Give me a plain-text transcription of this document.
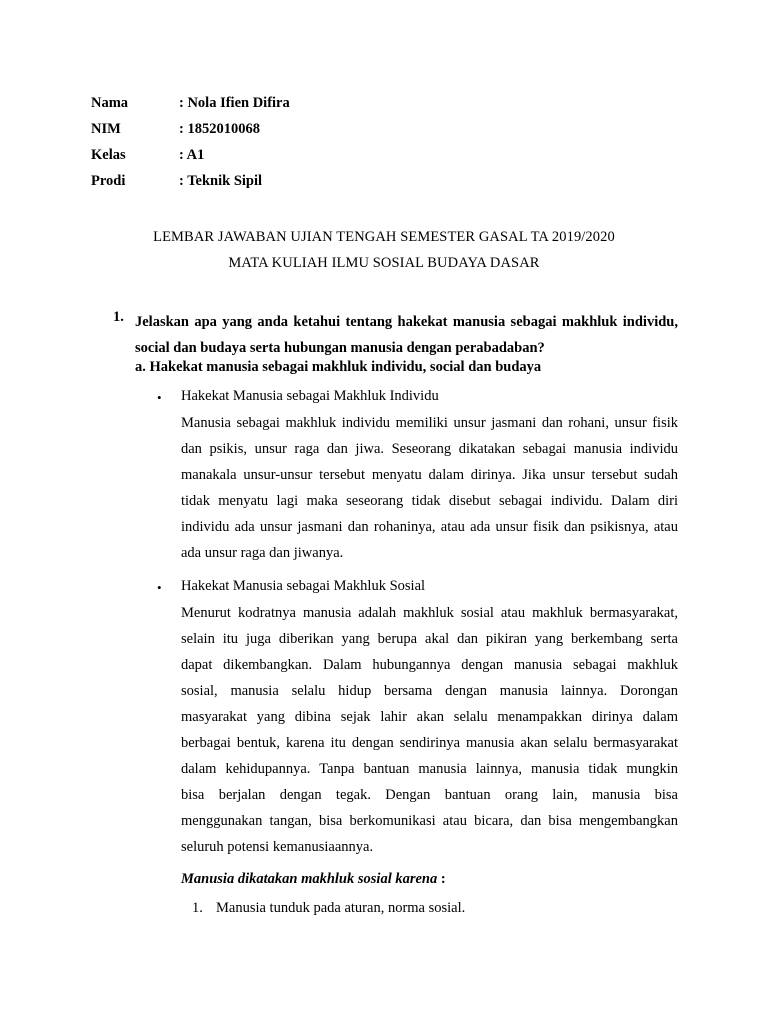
Nama	: Nola Ifien Difira
NIM	: 1852010068
Kelas	: A1
Prodi	: Teknik Sipil
LEMBAR JAWABAN UJIAN TENGAH SEMESTER GASAL TA 2019/2020
MATA KULIAH ILMU SOSIAL BUDAYA DASAR
1. Jelaskan apa yang anda ketahui tentang hakekat manusia sebagai makhluk individu, social dan budaya serta hubungan manusia dengan perabadaban?
a. Hakekat manusia sebagai makhluk individu, social dan budaya
• Hakekat Manusia sebagai Makhluk Individu
Manusia sebagai makhluk individu memiliki unsur jasmani dan rohani, unsur fisik
dan psikis, unsur raga dan jiwa. Seseorang dikatakan sebagai manusia individu
manakala unsur-unsur tersebut menyatu dalam dirinya. Jika unsur tersebut sudah
tidak menyatu lagi maka seseorang tidak disebut sebagai individu. Dalam diri
individu ada unsur jasmani dan rohaninya, atau ada unsur fisik dan psikisnya, atau
ada unsur raga dan jiwanya.
• Hakekat Manusia sebagai Makhluk Sosial
Menurut kodratnya manusia adalah makhluk sosial atau makhluk bermasyarakat,
selain itu juga diberikan yang berupa akal dan pikiran yang berkembang serta
dapat dikembangkan. Dalam hubungannya dengan manusia sebagai makhluk
sosial, manusia selalu hidup bersama dengan manusia lainnya. Dorongan
masyarakat yang dibina sejak lahir akan selalu menampakkan dirinya dalam
berbagai bentuk, karena itu dengan sendirinya manusia akan selalu bermasyarakat
dalam kehidupannya. Tanpa bantuan manusia lainnya, manusia tidak mungkin
bisa berjalan dengan tegak. Dengan bantuan orang lain, manusia bisa
menggunakan tangan, bisa berkomunikasi atau bicara, dan bisa mengembangkan
seluruh potensi kemanusiaannya.
Manusia dikatakan makhluk sosial karena :
1. Manusia tunduk pada aturan, norma sosial.
